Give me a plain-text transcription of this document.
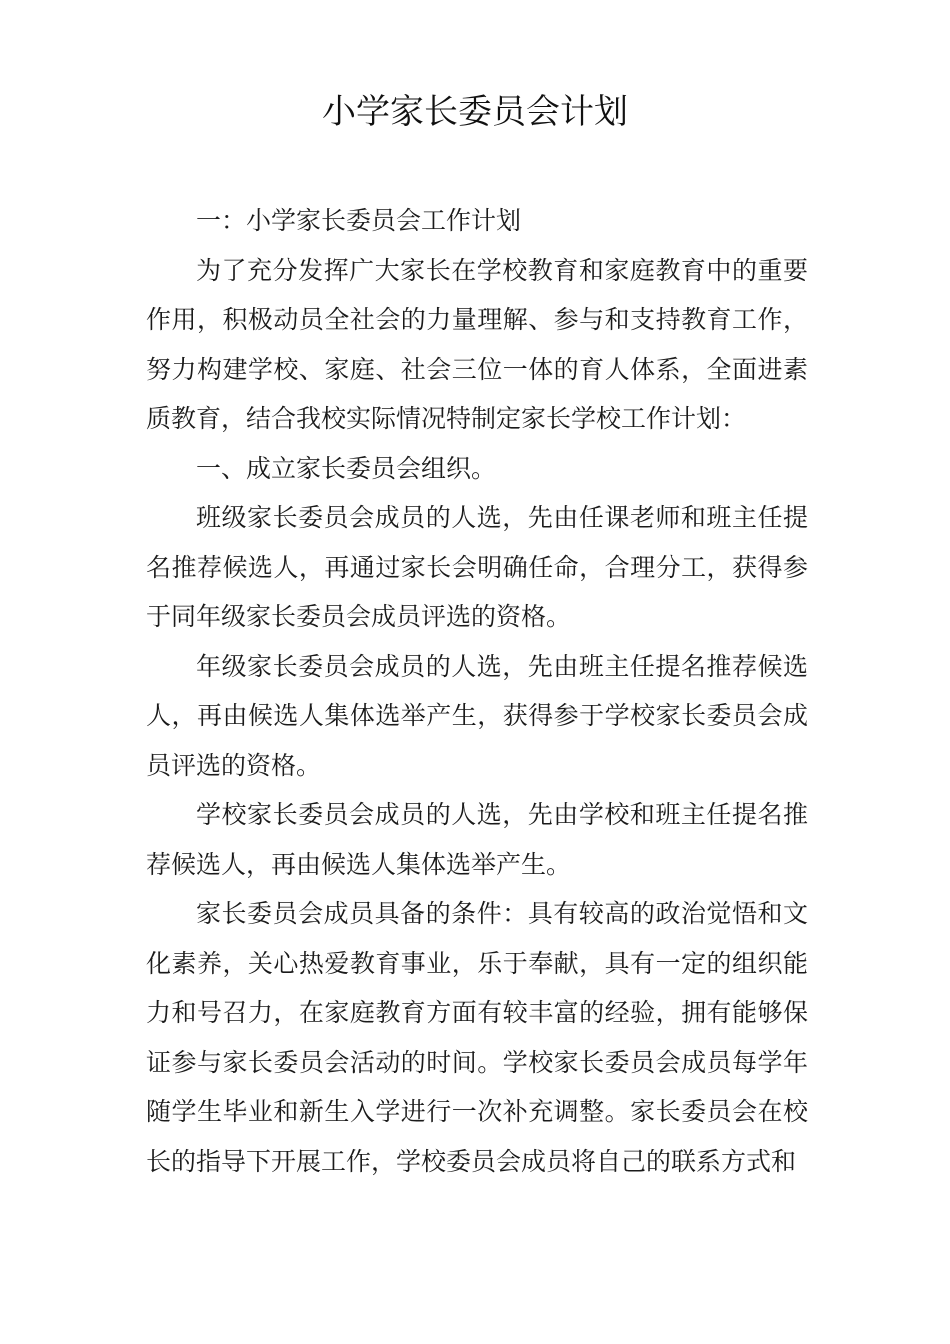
小学家长委员会计划

一：小学家长委员会工作计划

为了充分发挥广大家长在学校教育和家庭教育中的重要作用，积极动员全社会的力量理解、参与和支持教育工作，努力构建学校、家庭、社会三位一体的育人体系，全面进素质教育，结合我校实际情况特制定家长学校工作计划：

一、成立家长委员会组织。

班级家长委员会成员的人选，先由任课老师和班主任提名推荐候选人，再通过家长会明确任命，合理分工，获得参于同年级家长委员会成员评选的资格。

年级家长委员会成员的人选，先由班主任提名推荐候选人，再由候选人集体选举产生，获得参于学校家长委员会成员评选的资格。

学校家长委员会成员的人选，先由学校和班主任提名推荐候选人，再由候选人集体选举产生。

家长委员会成员具备的条件：具有较高的政治觉悟和文化素养，关心热爱教育事业，乐于奉献，具有一定的组织能力和号召力，在家庭教育方面有较丰富的经验，拥有能够保证参与家长委员会活动的时间。学校家长委员会成员每学年随学生毕业和新生入学进行一次补充调整。家长委员会在校长的指导下开展工作，学校委员会成员将自己的联系方式和
